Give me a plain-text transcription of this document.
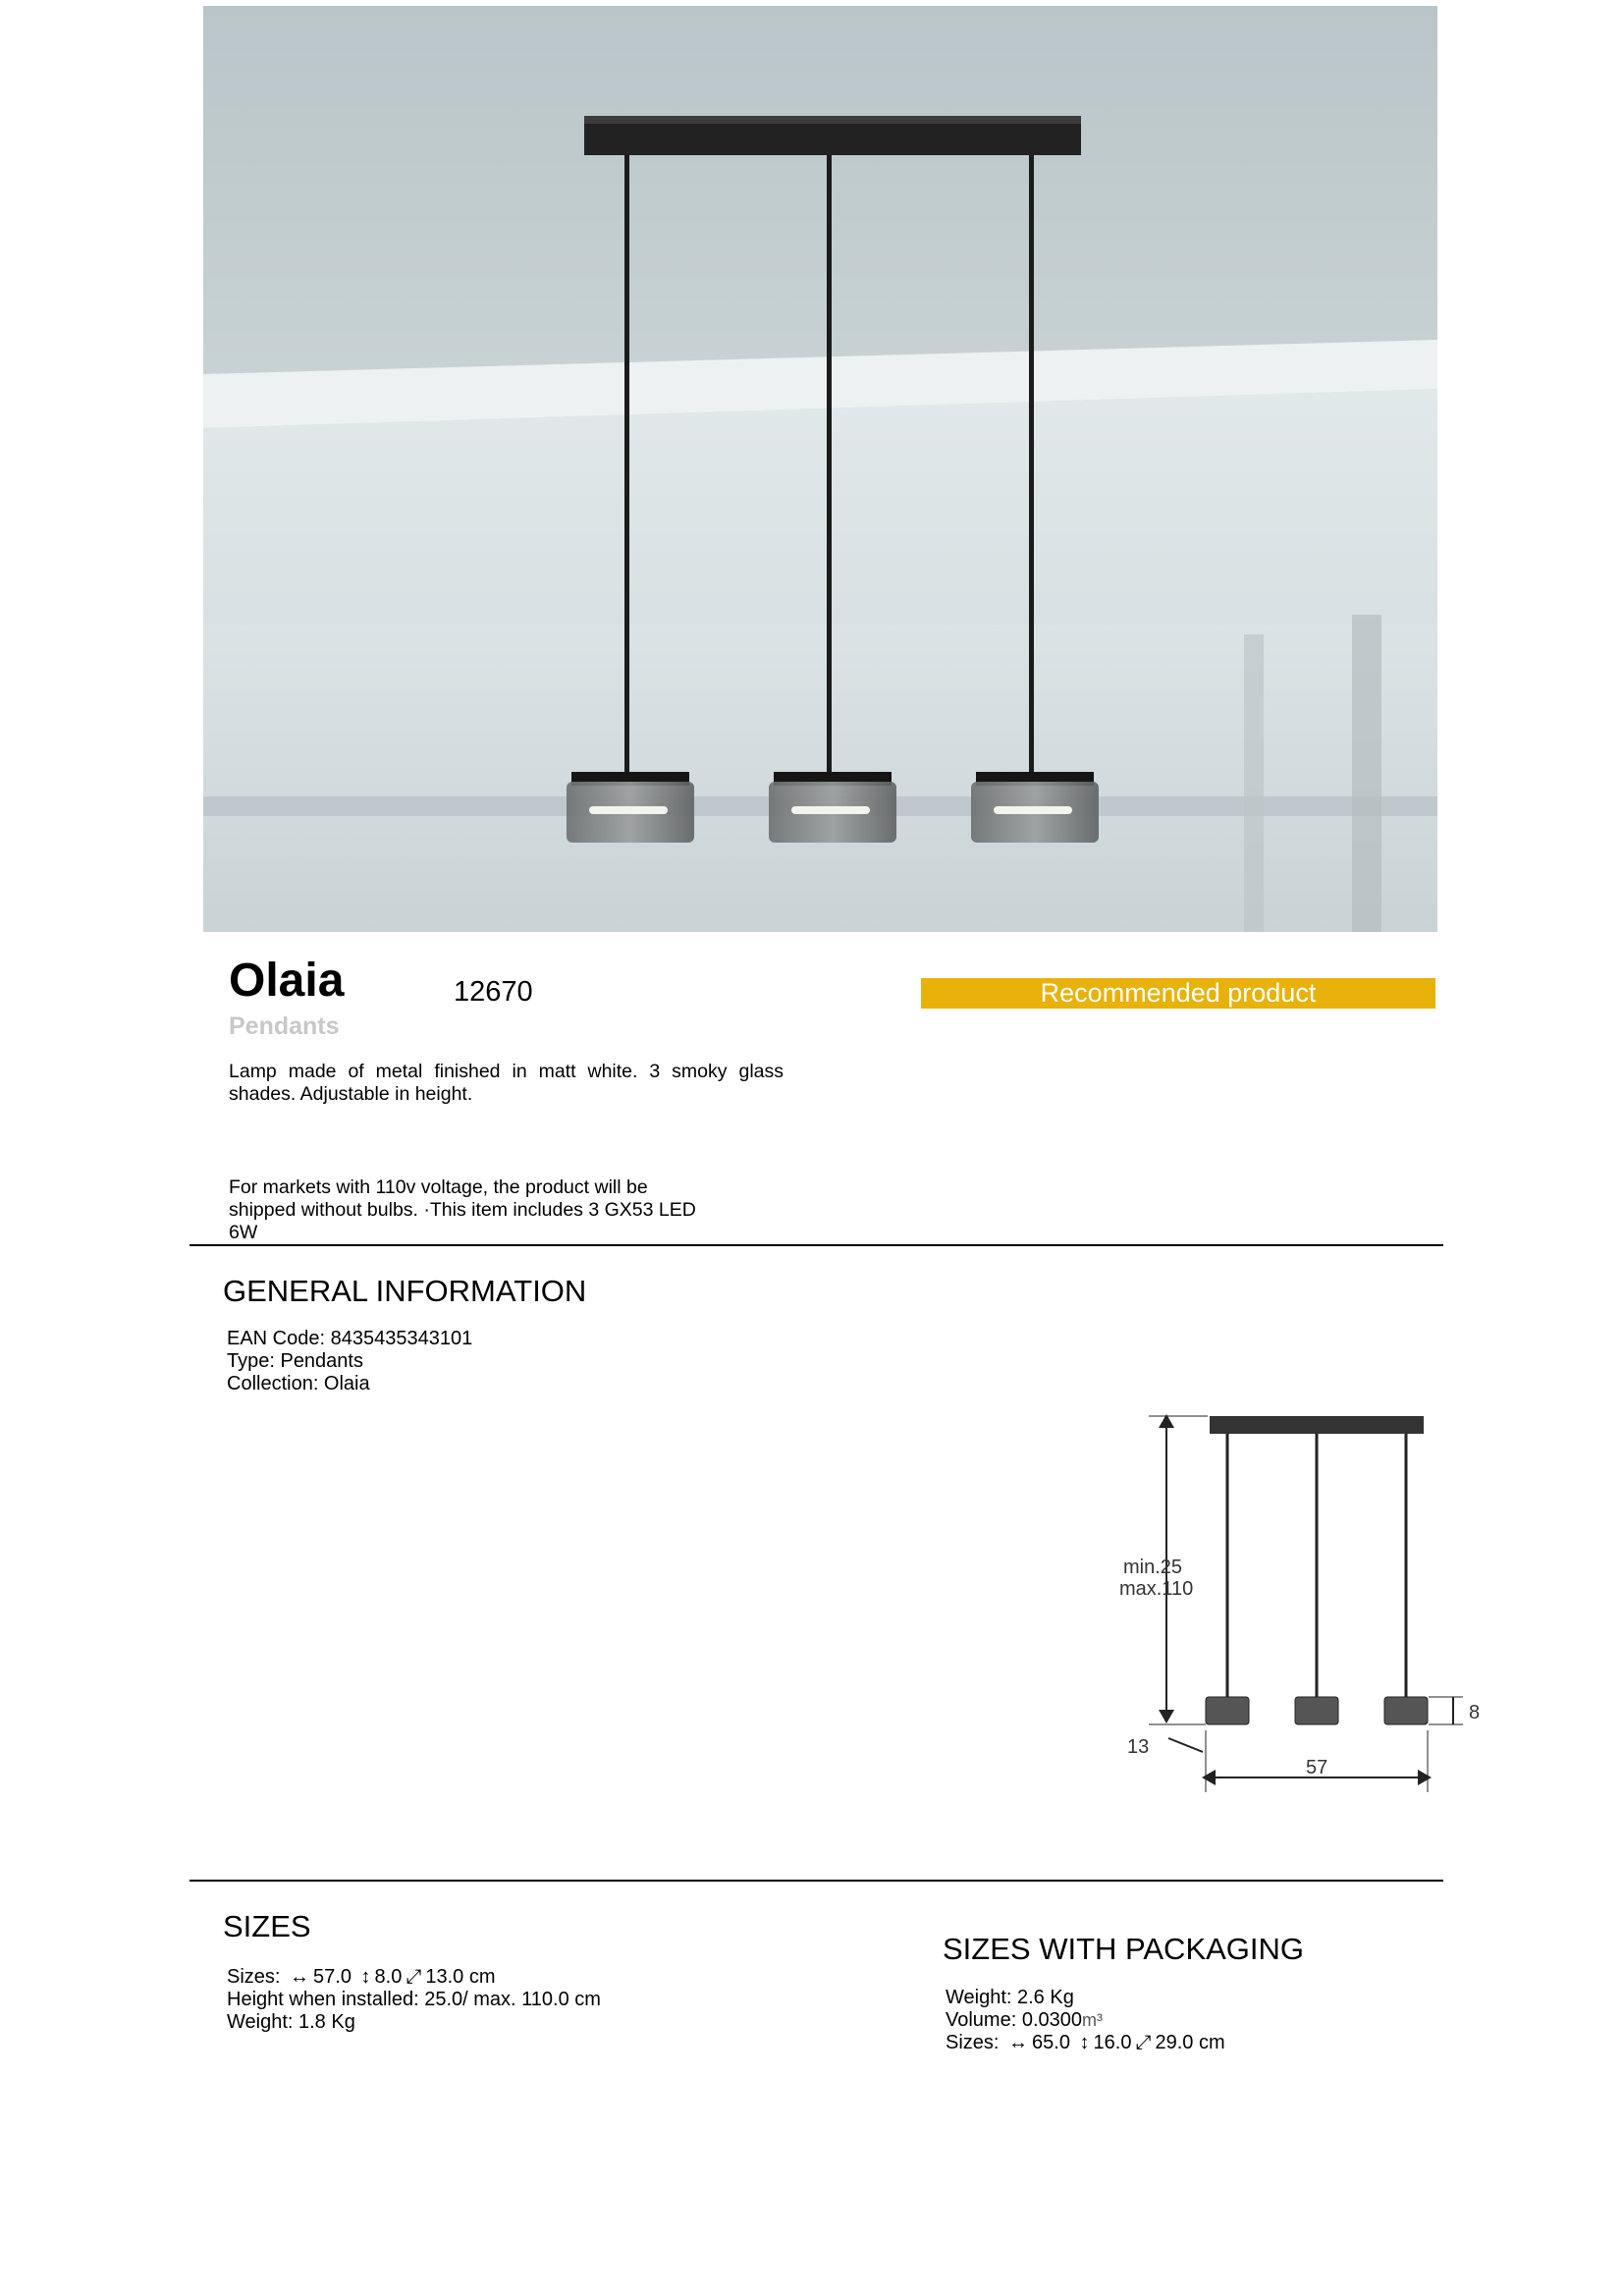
Olaia	12670
Pendants
Recommended product
Lamp made of metal finished in matt white. 3 smoky glass shades. Adjustable in height.
For markets with 110v voltage, the product will be
shipped without bulbs. ·This item includes 3 GX53 LED
6W
GENERAL INFORMATION
EAN Code: 8435435343101
Type: Pendants
Collection: Olaia
min.25
max.110
8
13
57
SIZES
Sizes: ↔ 57.0 ↕ 8.0 ⤢ 13.0 cm
Height when installed: 25.0/ max. 110.0 cm
Weight: 1.8 Kg
SIZES WITH PACKAGING
Weight: 2.6 Kg
Volume: 0.0300m³
Sizes: ↔ 65.0 ↕ 16.0 ⤢ 29.0 cm
